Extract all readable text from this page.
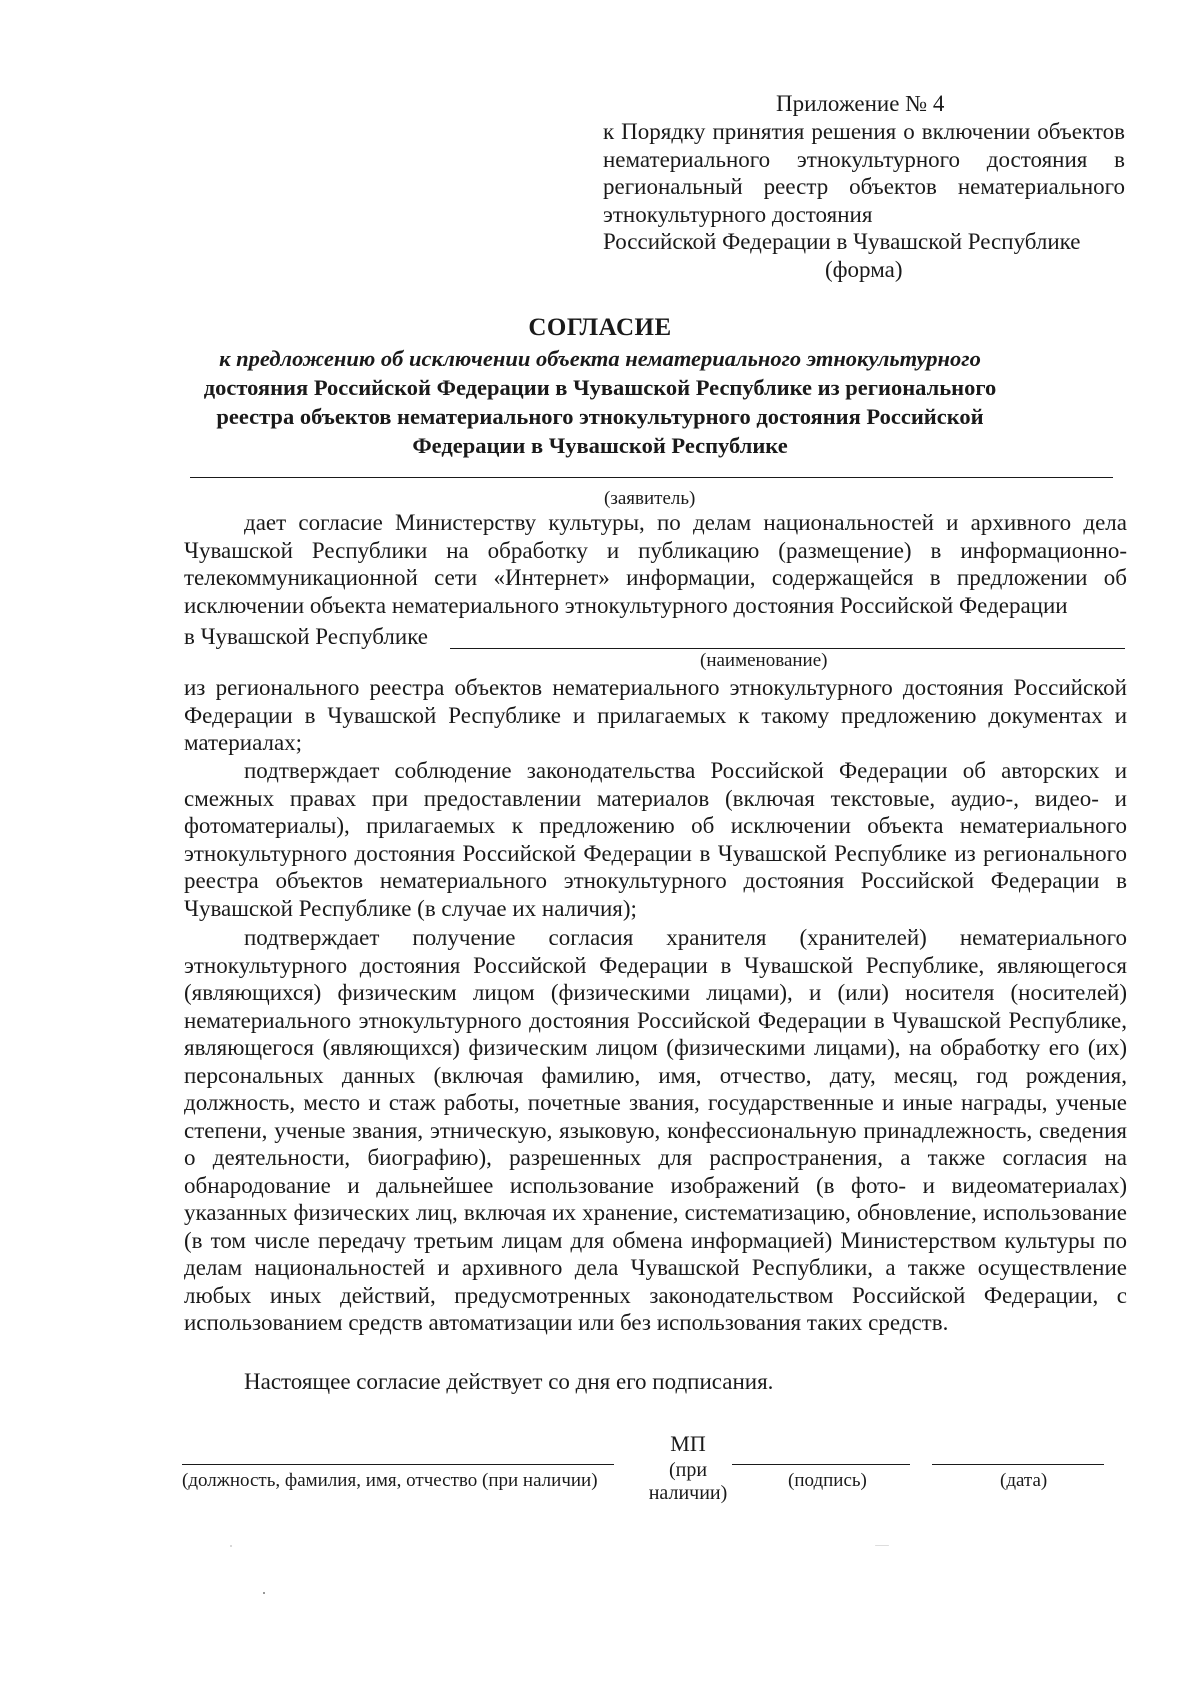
Приложение № 4
к Порядку принятия решения о включении объектов нематериального этнокультурного достояния в региональный реестр объектов нематериального этнокультурного достояния
Российской Федерации в Чувашской Республике
(форма)
СОГЛАСИЕ
к предложению об исключении объекта нематериального этнокультурного
достояния Российской Федерации в Чувашской Республике из регионального
реестра объектов нематериального этнокультурного достояния Российской
Федерации в Чувашской Республике
(заявитель)
дает согласие Министерству культуры, по делам национальностей и архивного дела Чувашской Республики на обработку и публикацию (размещение) в информационно-телекоммуникационной сети «Интернет» информации, содержащейся в предложении об исключении объекта нематериального этнокультурного достояния Российской Федерации
в Чувашской Республике
(наименование)
из регионального реестра объектов нематериального этнокультурного достояния Российской Федерации в Чувашской Республике и прилагаемых к такому предложению документах и материалах;
подтверждает соблюдение законодательства Российской Федерации об авторских и смежных правах при предоставлении материалов (включая текстовые, аудио-, видео- и фотоматериалы), прилагаемых к предложению об исключении объекта нематериального этнокультурного достояния Российской Федерации в Чувашской Республике из регионального реестра объектов нематериального этнокультурного достояния Российской Федерации в Чувашской Республике (в случае их наличия);
подтверждает получение согласия хранителя (хранителей) нематериального этнокультурного достояния Российской Федерации в Чувашской Республике, являющегося (являющихся) физическим лицом (физическими лицами), и (или) носителя (носителей) нематериального этнокультурного достояния Российской Федерации в Чувашской Республике, являющегося (являющихся) физическим лицом (физическими лицами), на обработку его (их) персональных данных (включая фамилию, имя, отчество, дату, месяц, год рождения, должность, место и стаж работы, почетные звания, государственные и иные награды, ученые степени, ученые звания, этническую, языковую, конфессиональную принадлежность, сведения о деятельности, биографию), разрешенных для распространения, а также согласия на обнародование и дальнейшее использование изображений (в фото- и видеоматериалах) указанных физических лиц, включая их хранение, систематизацию, обновление, использование (в том числе передачу третьим лицам для обмена информацией) Министерством культуры по делам национальностей и архивного дела Чувашской Республики, а также осуществление любых иных действий, предусмотренных законодательством Российской Федерации, с использованием средств автоматизации или без использования таких средств.
Настоящее согласие действует со дня его подписания.
(должность, фамилия, имя, отчество (при наличии)
МП
(при
наличии)
(подпись)	(дата)
